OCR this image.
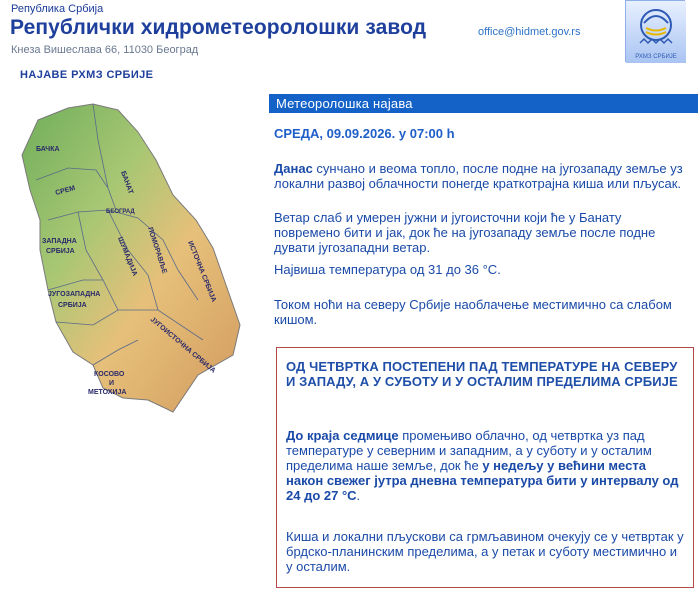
Република Србија
Републички хидрометеоролошки завод
Кнеза Вишеслава 66, 11030 Београд
office@hidmet.gov.rs
РХМЗ СРБИЈЕ
НАЈАВЕ РХМЗ СРБИЈЕ
БАЧКА
БАНАТ
СРЕМ
БЕОГРАД
ЗАПАДНА
СРБИЈА	ШУМАДИЈА ПОМОРАВЉЕ	ИСТОЧНА СРБИЈА
ЈУГОЗАПАДНА
СРБИЈА
ЈУГОИСТОЧНА СРБИЈА
КОСОВО
И
МЕТОХИЈА
Метеоролошка најава
СРЕДА, 09.09.2026. у 07:00 h
Данас сунчано и веома топло, после подне на југозападу земље уз локални развој облачности понегде краткотрајна киша или пљусак.
Ветар слаб и умерен јужни и југоисточни који ће у Банату повремено бити и јак, док ће на југозападу земље после подне дувати југозападни ветар.
Највиша температура од 31 до 36 °C.
Током ноћи на северу Србије наоблачење местимично са слабом кишом.
ОД ЧЕТВРТКА ПОСТЕПЕНИ ПАД ТЕМПЕРАТУРЕ НА СЕВЕРУ И ЗАПАДУ, А У СУБОТУ И У ОСТАЛИМ ПРЕДЕЛИМА СРБИЈЕ
До краја седмице промењиво облачно, од четвртка уз пад температуре у северним и западним, а у суботу и у осталим пределима наше земље, док ће у недељу у већини места након свежег јутра дневна температура бити у интервалу од 24 до 27 °C.
Киша и локални пљускови са грмљавином очекују се у четвртак у брдско-планинским пределима, а у петак и суботу местимично и у осталим.
